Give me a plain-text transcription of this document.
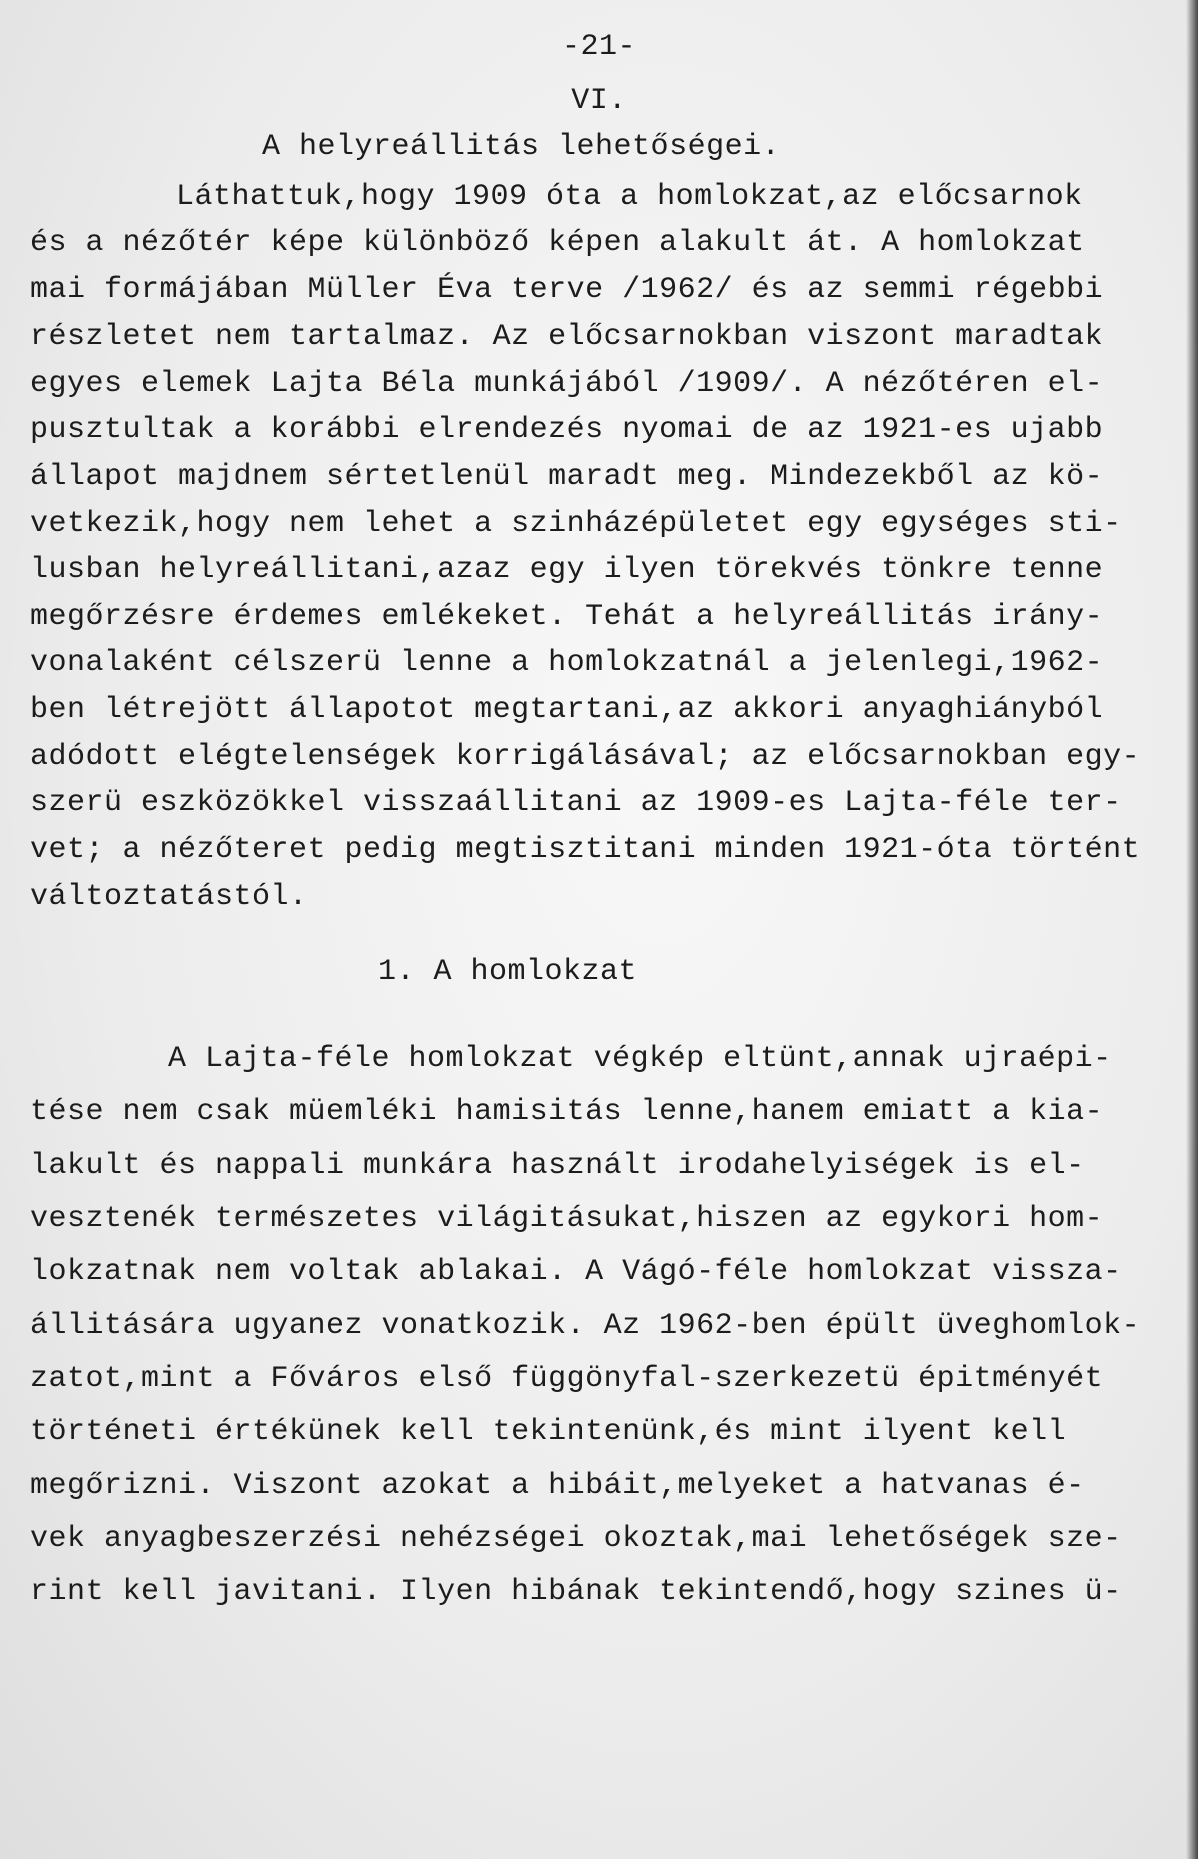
-21-
VI.
A helyreállitás lehetőségei.
Láthattuk,hogy 1909 óta a homlokzat,az előcsarnok
és a nézőtér képe különböző képen alakult át. A homlokzat
mai formájában Müller Éva terve /1962/ és az semmi régebbi
részletet nem tartalmaz. Az előcsarnokban viszont maradtak
egyes elemek Lajta Béla munkájából /1909/. A nézőtéren el-
pusztultak a korábbi elrendezés nyomai de az 1921-es ujabb
állapot majdnem sértetlenül maradt meg. Mindezekből az kö-
vetkezik,hogy nem lehet a szinházépületet egy egységes sti-
lusban helyreállitani,azaz egy ilyen törekvés tönkre tenne
megőrzésre érdemes emlékeket. Tehát a helyreállitás irány-
vonalaként célszerü lenne a homlokzatnál a jelenlegi,1962-
ben létrejött állapotot megtartani,az akkori anyaghiányból
adódott elégtelenségek korrigálásával; az előcsarnokban egy-
szerü eszközökkel visszaállitani az 1909-es Lajta-féle ter-
vet; a nézőteret pedig megtisztitani minden 1921-óta történt
változtatástól.
1. A homlokzat
A Lajta-féle homlokzat végkép eltünt,annak ujraépi-
tése nem csak müemléki hamisitás lenne,hanem emiatt a kia-
lakult és nappali munkára használt irodahelyiségek is el-
vesztenék természetes világitásukat,hiszen az egykori hom-
lokzatnak nem voltak ablakai. A Vágó-féle homlokzat vissza-
állitására ugyanez vonatkozik. Az 1962-ben épült üveghomlok-
zatot,mint a Főváros első függönyfal-szerkezetü épitményét
történeti értékünek kell tekintenünk,és mint ilyent kell
megőrizni. Viszont azokat a hibáit,melyeket a hatvanas é-
vek anyagbeszerzési nehézségei okoztak,mai lehetőségek sze-
rint kell javitani. Ilyen hibának tekintendő,hogy szines ü-
